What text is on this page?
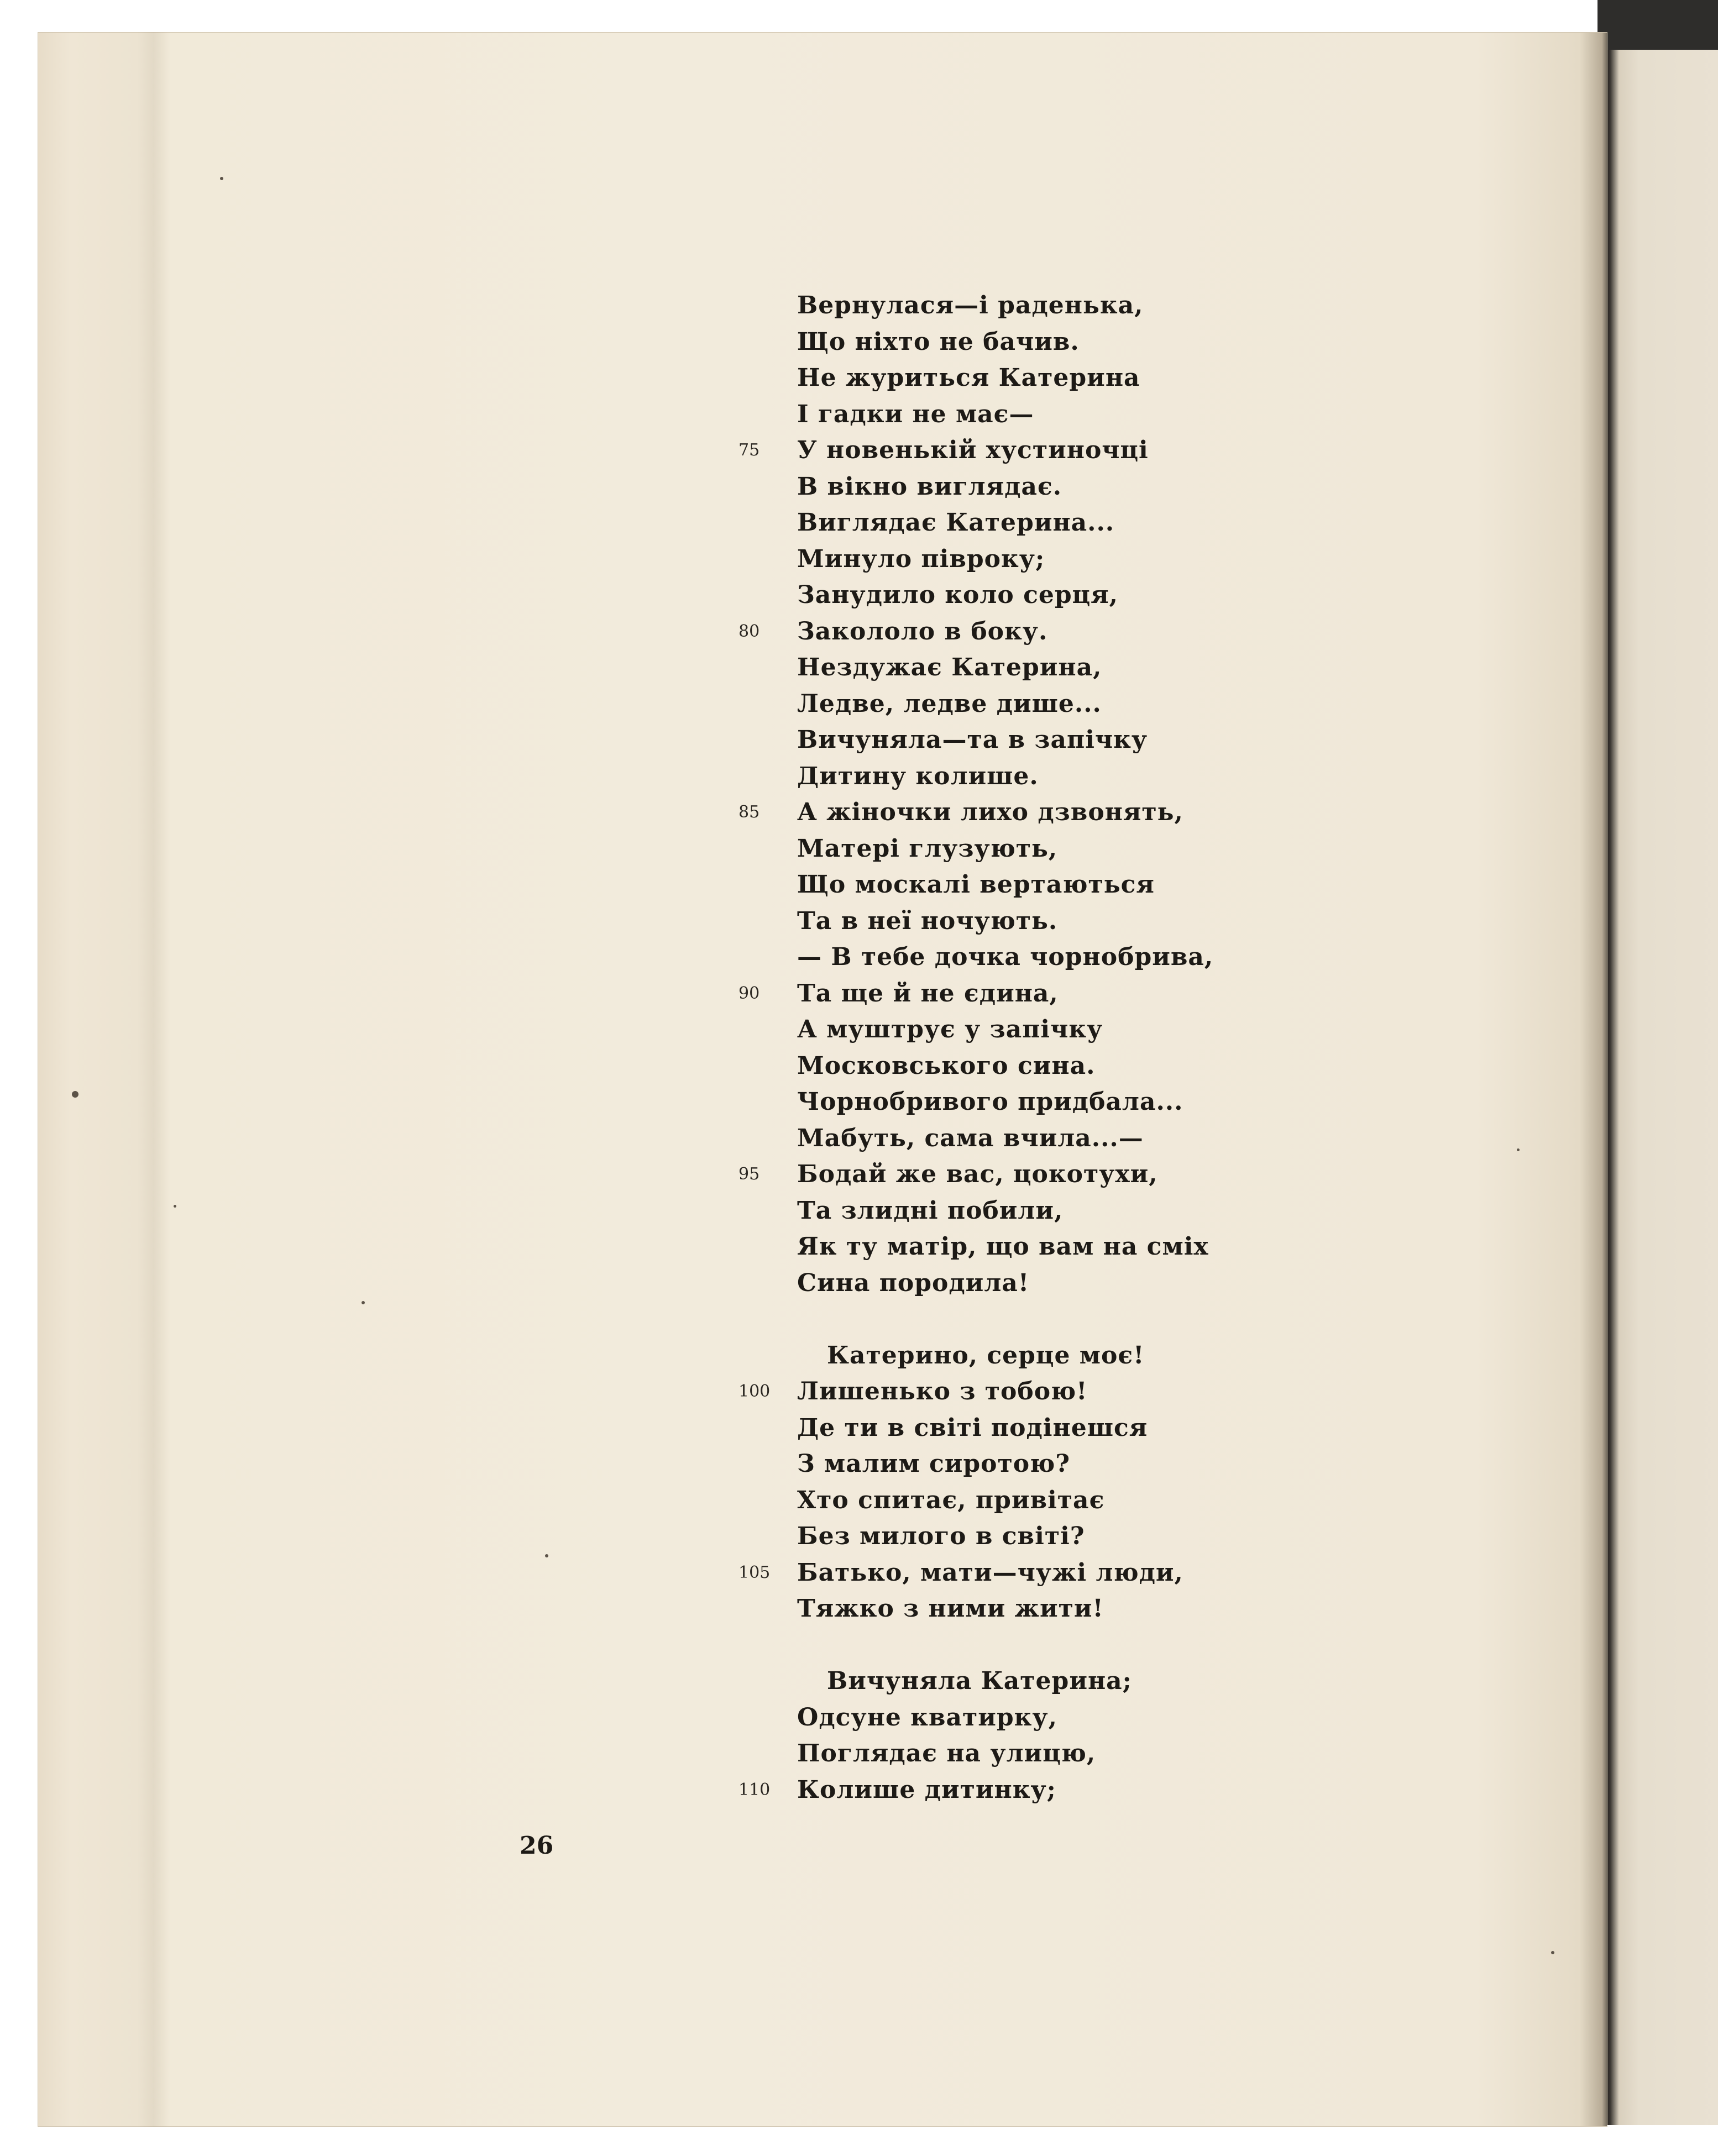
Вернулася—і раденька,
Що ніхто не бачив.
Не журиться Катерина
І гадки не має—
У новенькій хустиночці
75
В вікно виглядає.
Виглядає Катерина...
Минуло півроку;
Занудило коло серця,
Закололо в боку.
80
Нездужає Катерина,
Ледве, ледве дише...
Вичуняла—та в запічку
Дитину колише.
А жіночки лихо дзвонять,
85
Матері глузують,
Що москалі вертаються
Та в неї ночують.
— В тебе дочка чорнобрива,
Та ще й не єдина,
90
А муштрує у запічку
Московського сина.
Чорнобривого придбала...
Мабуть, сама вчила...—
Бодай же вас, цокотухи,
95
Та злидні побили,
Як ту матір, що вам на сміх
Сина породила!
Катерино, серце моє!
Лишенько з тобою!
100
Де ти в світі подінешся
З малим сиротою?
Хто спитає, привітає
Без милого в світі?
Батько, мати—чужі люди,
105
Тяжко з ними жити!
Вичуняла Катерина;
Одсуне кватирку,
Поглядає на улицю,
Колише дитинку;
110
26
